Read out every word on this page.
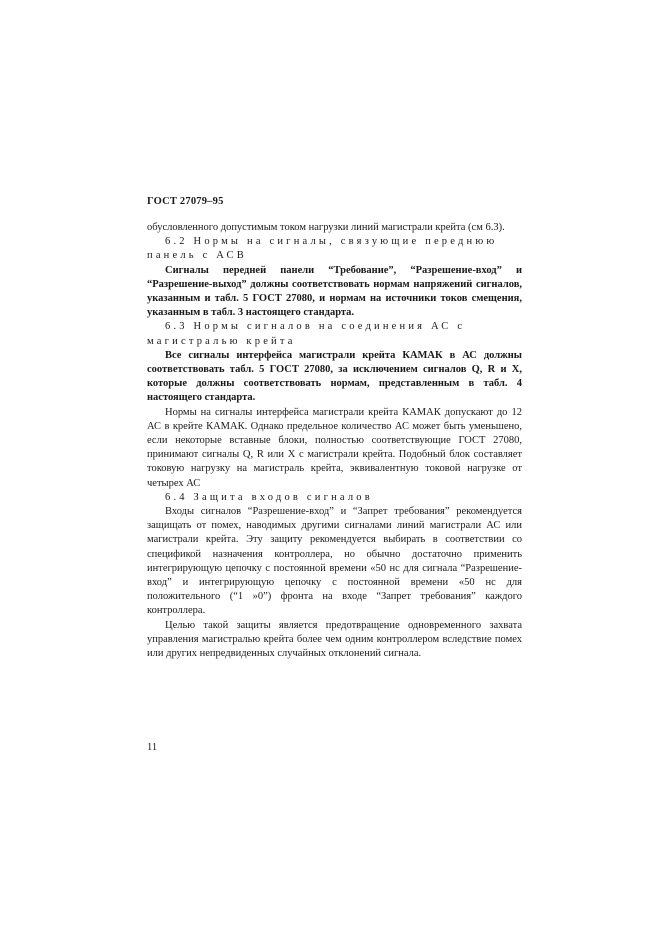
ГОСТ 27079–95

обусловленного допустимым током нагрузки линий магистрали крейта (см 6.3).

6.2 Нормы на сигналы, связующие переднюю панель с АСВ

Сигналы передней панели “Требование”, “Разрешение-вход” и “Разрешение-выход” должны соответствовать нормам напряжений сигналов, указанным и табл. 5 ГОСТ 27080, и нормам на источники токов смещения, указанным в табл. 3 настоящего стандарта.

6.3 Нормы сигналов на соединения АС с магистралью крейта

Все сигналы интерфейса магистрали крейта КАМАК в АС должны соответствовать табл. 5 ГОСТ 27080, за исключением сигналов Q, R и X, которые должны соответствовать нормам, представленным в табл. 4 настоящего стандарта.

Нормы на сигналы интерфейса магистрали крейта КАМАК допускают до 12 АС в крейте КАМАК. Однако предельное количество АС может быть уменьшено, если некоторые вставные блоки, полностью соответствующие ГОСТ 27080, принимают сигналы Q, R или X с магистрали крейта. Подобный блок составляет токовую нагрузку на магистраль крейта, эквивалентную токовой нагрузке от четырех АС

6.4 Защита входов сигналов

Входы сигналов “Разрешение-вход” и “Запрет требования” рекомендуется защищать от помех, наводимых другими сигналами линий магистрали АС или магистрали крейта. Эту защиту рекомендуется выбирать в соответствии со спецификой назначения контроллера, но обычно достаточно применить интегрирующую цепочку с постоянной времени «50 нс для сигнала “Разрешение-вход” и интегрирующую цепочку с постоянной времени «50 нс для положительного (“1 »0”) фронта на входе “Запрет требования” каждого контроллера.

Целью такой защиты является предотвращение одновременного захвата управления магистралью крейта более чем одним контроллером вследствие помех или других непредвиденных случайных отклонений сигнала.

11
